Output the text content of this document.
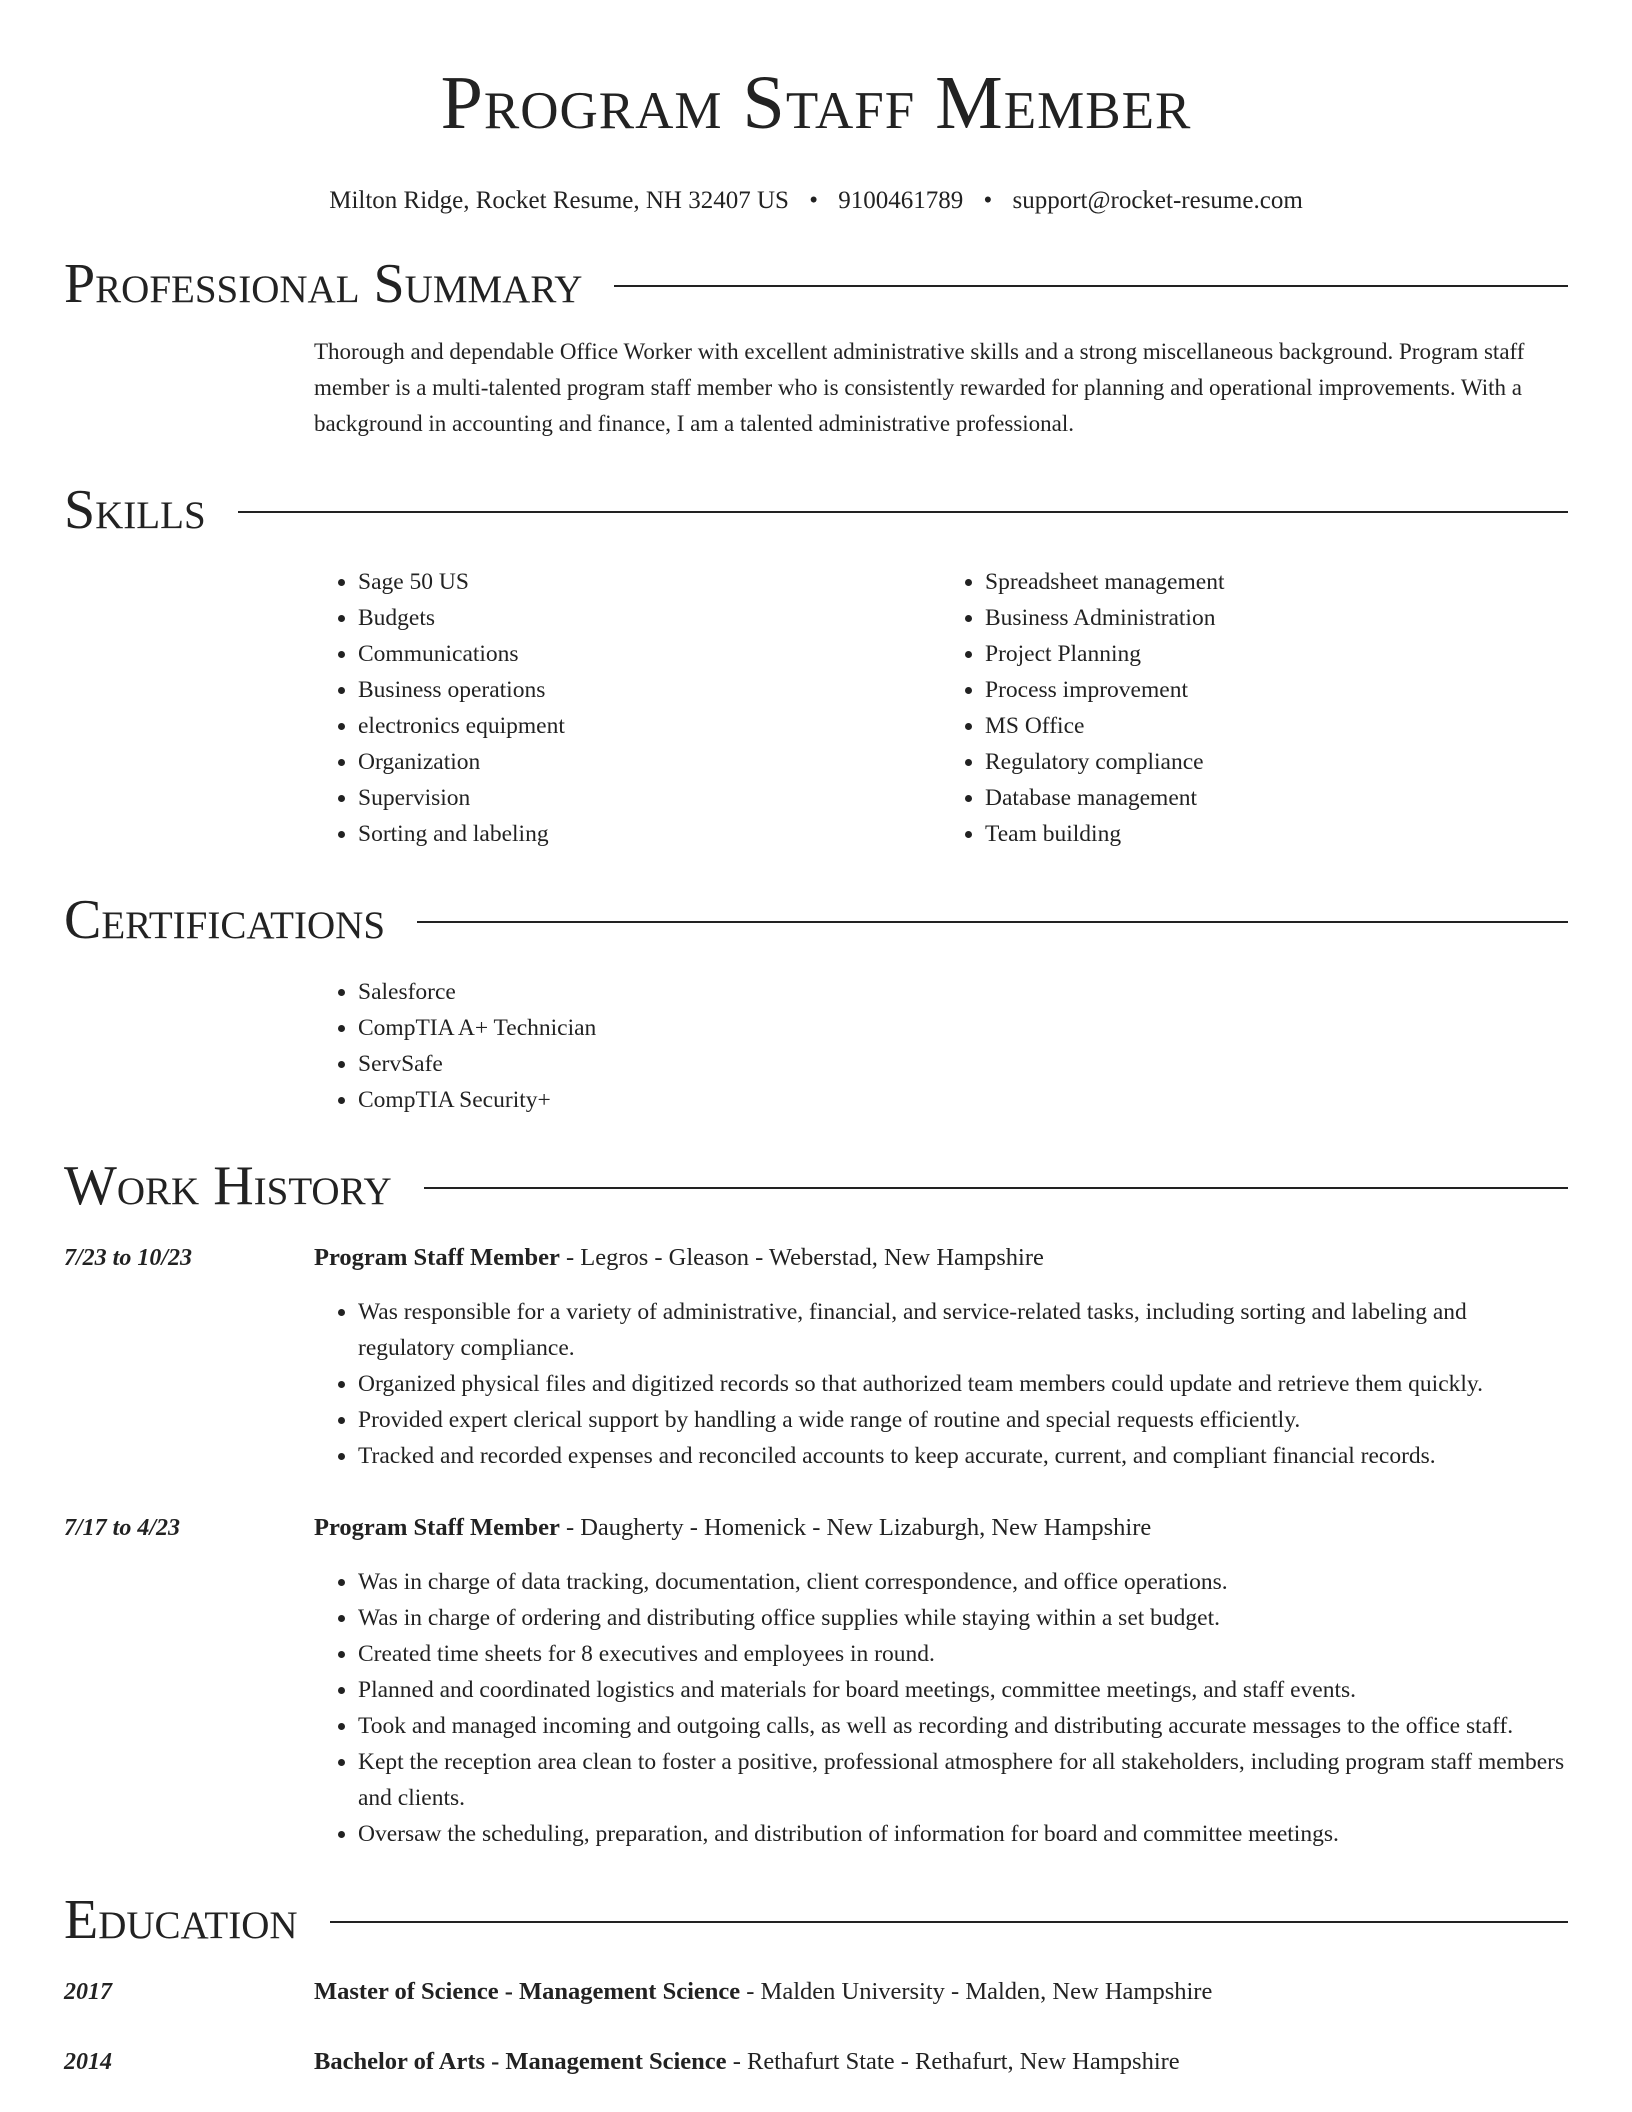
Program Staff Member
Milton Ridge, Rocket Resume, NH 32407 US • 9100461789 • support@rocket-resume.com
Professional Summary
Thorough and dependable Office Worker with excellent administrative skills and a strong miscellaneous background. Program staff member is a multi-talented program staff member who is consistently rewarded for planning and operational improvements. With a background in accounting and finance, I am a talented administrative professional.
Skills
• Sage 50 US
• Budgets
• Communications
• Business operations
• electronics equipment
• Organization
• Supervision
• Sorting and labeling
• Spreadsheet management
• Business Administration
• Project Planning
• Process improvement
• MS Office
• Regulatory compliance
• Database management
• Team building
Certifications
• Salesforce
• CompTIA A+ Technician
• ServSafe
• CompTIA Security+
Work History
7/23 to 10/23	Program Staff Member - Legros - Gleason - Weberstad, New Hampshire
• Was responsible for a variety of administrative, financial, and service-related tasks, including sorting and labeling and regulatory compliance.
• Organized physical files and digitized records so that authorized team members could update and retrieve them quickly.
• Provided expert clerical support by handling a wide range of routine and special requests efficiently.
• Tracked and recorded expenses and reconciled accounts to keep accurate, current, and compliant financial records.
7/17 to 4/23	Program Staff Member - Daugherty - Homenick - New Lizaburgh, New Hampshire
• Was in charge of data tracking, documentation, client correspondence, and office operations.
• Was in charge of ordering and distributing office supplies while staying within a set budget.
• Created time sheets for 8 executives and employees in round.
• Planned and coordinated logistics and materials for board meetings, committee meetings, and staff events.
• Took and managed incoming and outgoing calls, as well as recording and distributing accurate messages to the office staff.
• Kept the reception area clean to foster a positive, professional atmosphere for all stakeholders, including program staff members and clients.
• Oversaw the scheduling, preparation, and distribution of information for board and committee meetings.
Education
2017	Master of Science - Management Science - Malden University - Malden, New Hampshire
2014	Bachelor of Arts - Management Science - Rethafurt State - Rethafurt, New Hampshire
